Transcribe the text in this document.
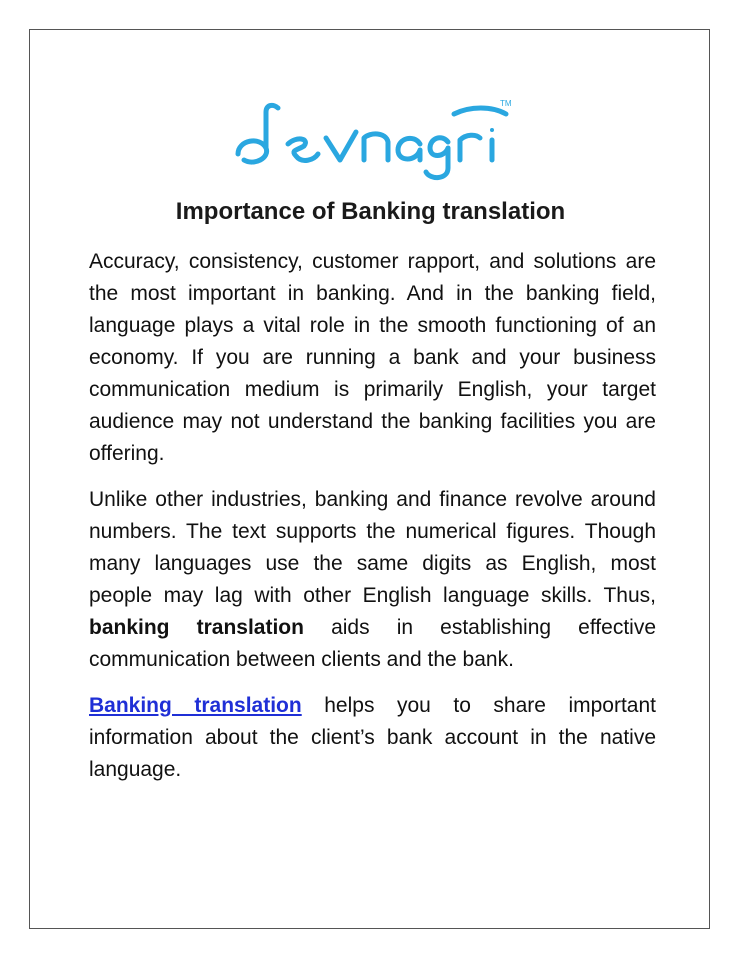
TM
Importance of Banking translation

Accuracy, consistency, customer rapport, and solutions are the most important in banking. And in the banking field, language plays a vital role in the smooth functioning of an economy. If you are running a bank and your business communication medium is primarily English, your target audience may not understand the banking facilities you are offering.

Unlike other industries, banking and finance revolve around numbers. The text supports the numerical figures. Though many languages use the same digits as English, most people may lag with other English language skills. Thus, banking translation aids in establishing effective communication between clients and the bank.

Banking translation helps you to share important information about the client’s bank account in the native language.
